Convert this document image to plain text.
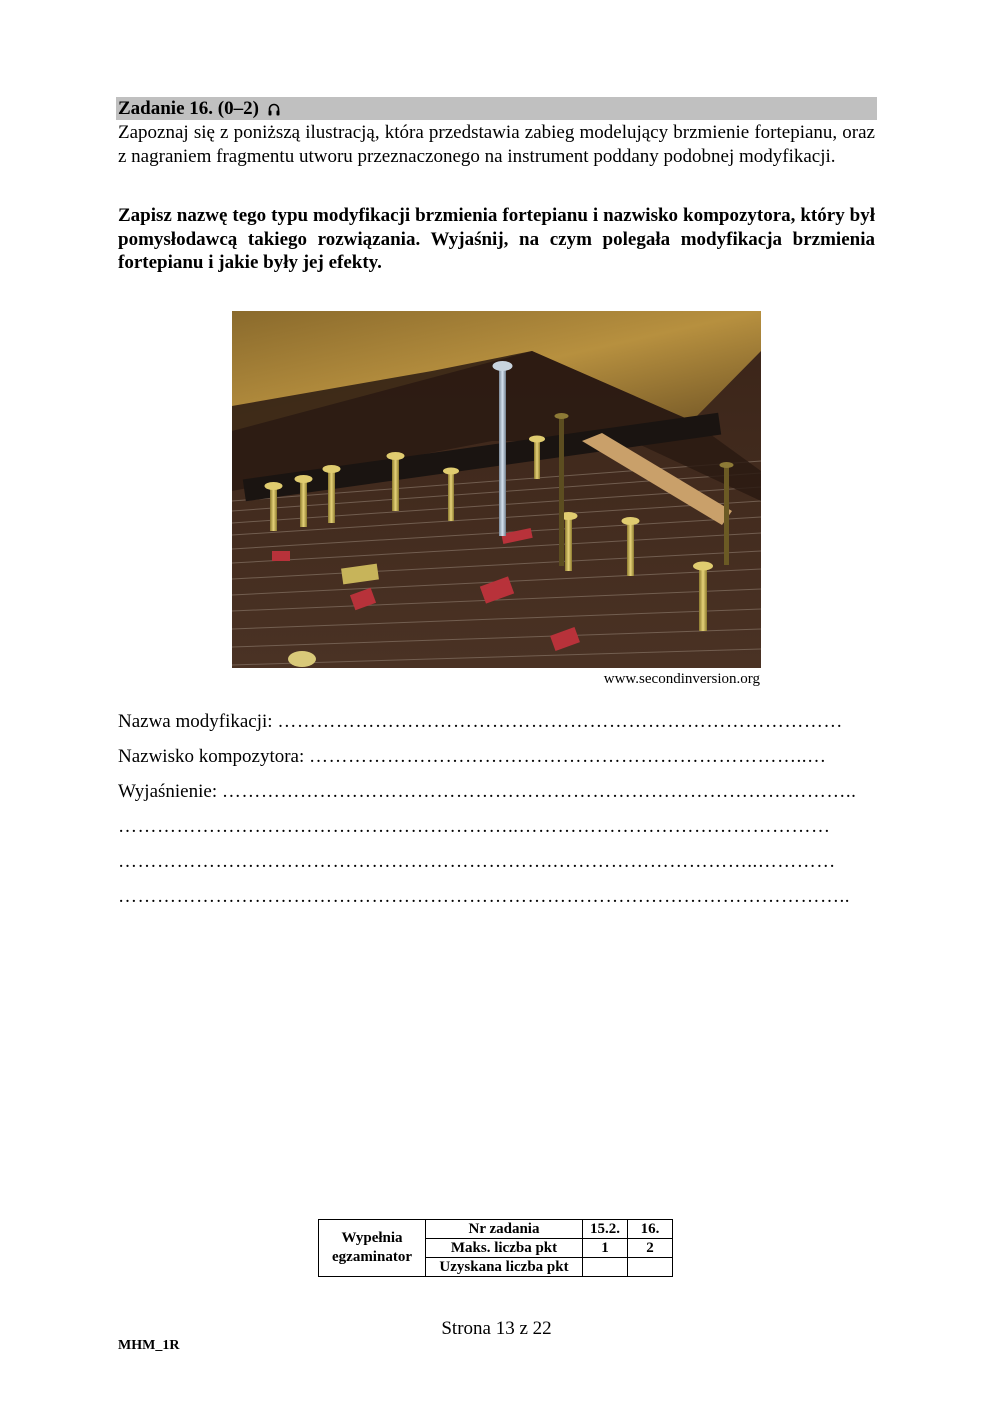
Zadanie 16. (0–2)

Zapoznaj się z poniższą ilustracją, która przedstawia zabieg modelujący brzmienie fortepianu, oraz z nagraniem fragmentu utworu przeznaczonego na instrument poddany podobnej modyfikacji.

Zapisz nazwę tego typu modyfikacji brzmienia fortepianu i nazwisko kompozytora, który był pomysłodawcą takiego rozwiązania. Wyjaśnij, na czym polegała modyfikacja brzmienia fortepianu i jakie były jej efekty.

www.secondinversion.org
Nazwa modyfikacji: ……………………………………………………………………………
Nazwisko kompozytora: …………………………………………………………………..…
Wyjaśnienie: ……………………………………………………………………………………..
……………………………………………………..…………………………………………
………………………………………………………….…………………………..…………
…………………………………………………………………………………………………..
Wypełnia
egzaminator	Nr zadania	15.2.	16.
	Maks. liczba pkt	1	2
	Uzyskana liczba pkt		
Strona 13 z 22
MHM_1R
